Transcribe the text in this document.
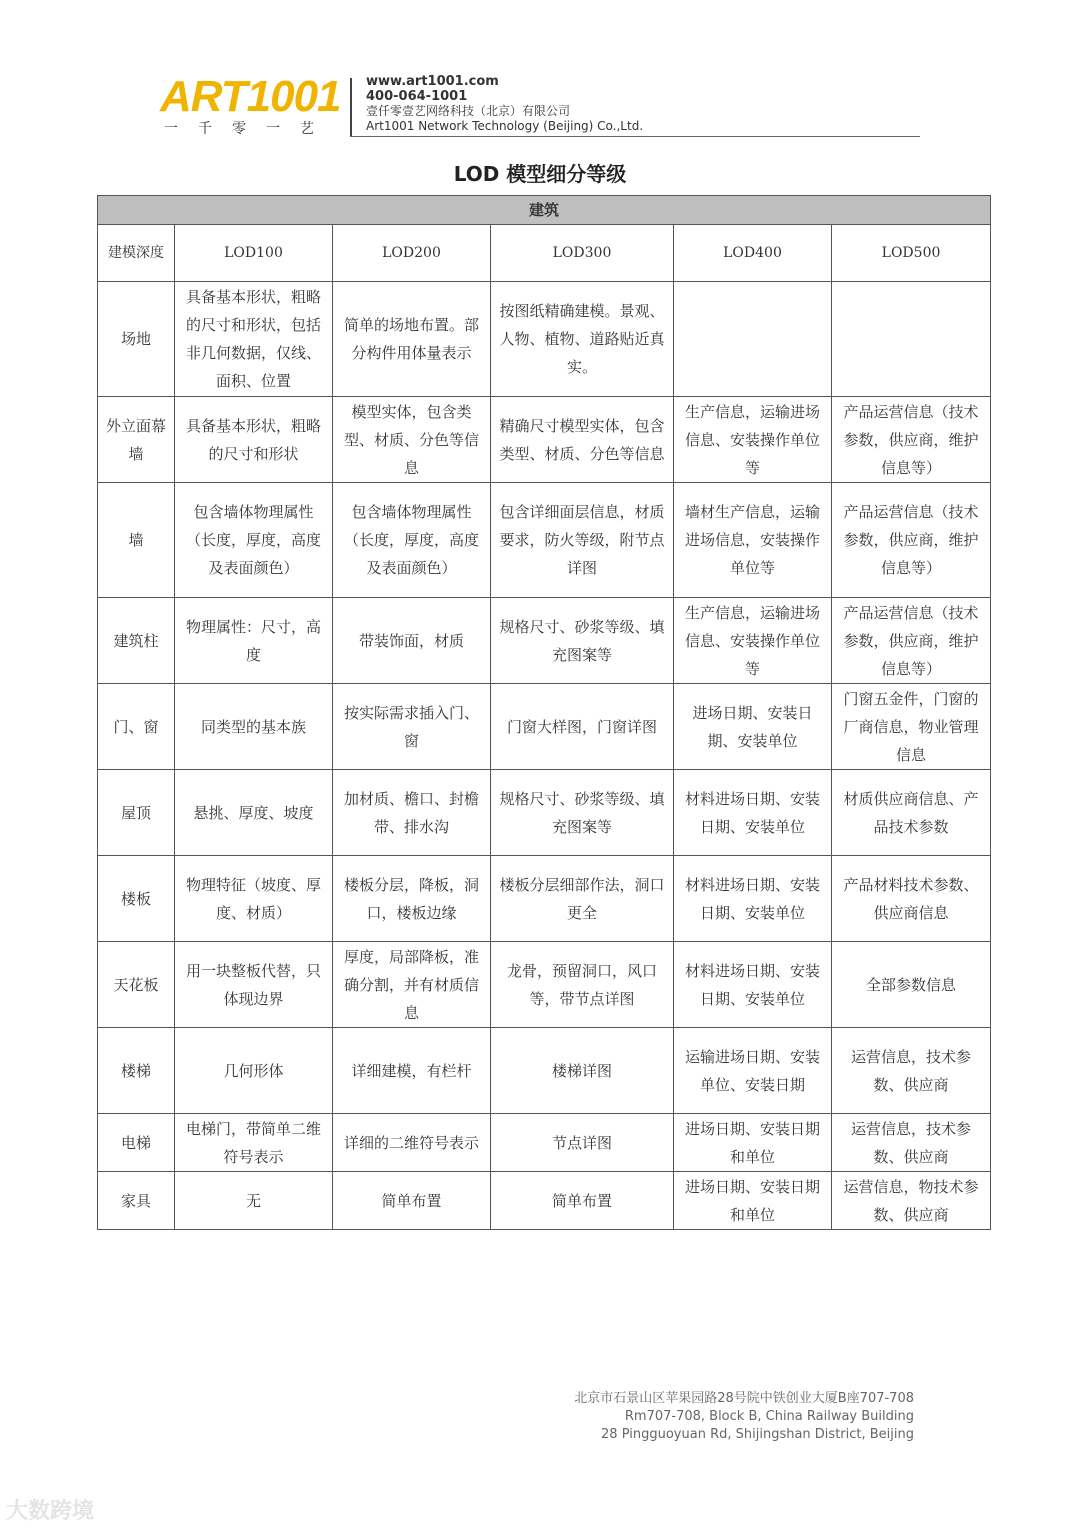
ART1001
一千零一艺
www.art1001.com
400-064-1001
壹仟零壹艺网络科技（北京）有限公司
Art1001 Network Technology (Beijing) Co.,Ltd.
LOD 模型细分等级
建筑					
建模深度	LOD100	LOD200	LOD300	LOD400	LOD500
场地	具备基本形状，粗略的尺寸和形状，包括非几何数据，仅线、面积、位置	简单的场地布置。部分构件用体量表示	按图纸精确建模。景观、人物、植物、道路贴近真实。		
外立面幕墙	具备基本形状，粗略的尺寸和形状	模型实体，包含类型、材质、分色等信息	精确尺寸模型实体，包含类型、材质、分色等信息	生产信息，运输进场信息、安装操作单位等	产品运营信息（技术参数，供应商，维护信息等）
墙	包含墙体物理属性（长度，厚度，高度及表面颜色）	包含墙体物理属性（长度，厚度，高度及表面颜色）	包含详细面层信息，材质要求，防火等级，附节点详图	墙材生产信息，运输进场信息，安装操作单位等	产品运营信息（技术参数，供应商，维护信息等）
建筑柱	物理属性：尺寸，高度	带装饰面，材质	规格尺寸、砂浆等级、填充图案等	生产信息，运输进场信息、安装操作单位等	产品运营信息（技术参数，供应商，维护信息等）
门、窗	同类型的基本族	按实际需求插入门、窗	门窗大样图，门窗详图	进场日期、安装日期、安装单位	门窗五金件，门窗的厂商信息，物业管理信息
屋顶	悬挑、厚度、坡度	加材质、檐口、封檐带、排水沟	规格尺寸、砂浆等级、填充图案等	材料进场日期、安装日期、安装单位	材质供应商信息、产品技术参数
楼板	物理特征（坡度、厚度、材质）	楼板分层，降板，洞口，楼板边缘	楼板分层细部作法，洞口更全	材料进场日期、安装日期、安装单位	产品材料技术参数、供应商信息
天花板	用一块整板代替，只体现边界	厚度，局部降板，准确分割，并有材质信息	龙骨，预留洞口，风口等，带节点详图	材料进场日期、安装日期、安装单位	全部参数信息
楼梯	几何形体	详细建模，有栏杆	楼梯详图	运输进场日期、安装单位、安装日期	运营信息，技术参数、供应商
电梯	电梯门，带简单二维符号表示	详细的二维符号表示	节点详图	进场日期、安装日期和单位	运营信息，技术参数、供应商
家具	无	简单布置	简单布置	进场日期、安装日期和单位	运营信息，物技术参数、供应商
北京市石景山区苹果园路28号院中铁创业大厦B座707-708
Rm707-708, Block B, China Railway Building
28 Pingguoyuan Rd, Shijingshan District, Beijing
大数跨境
